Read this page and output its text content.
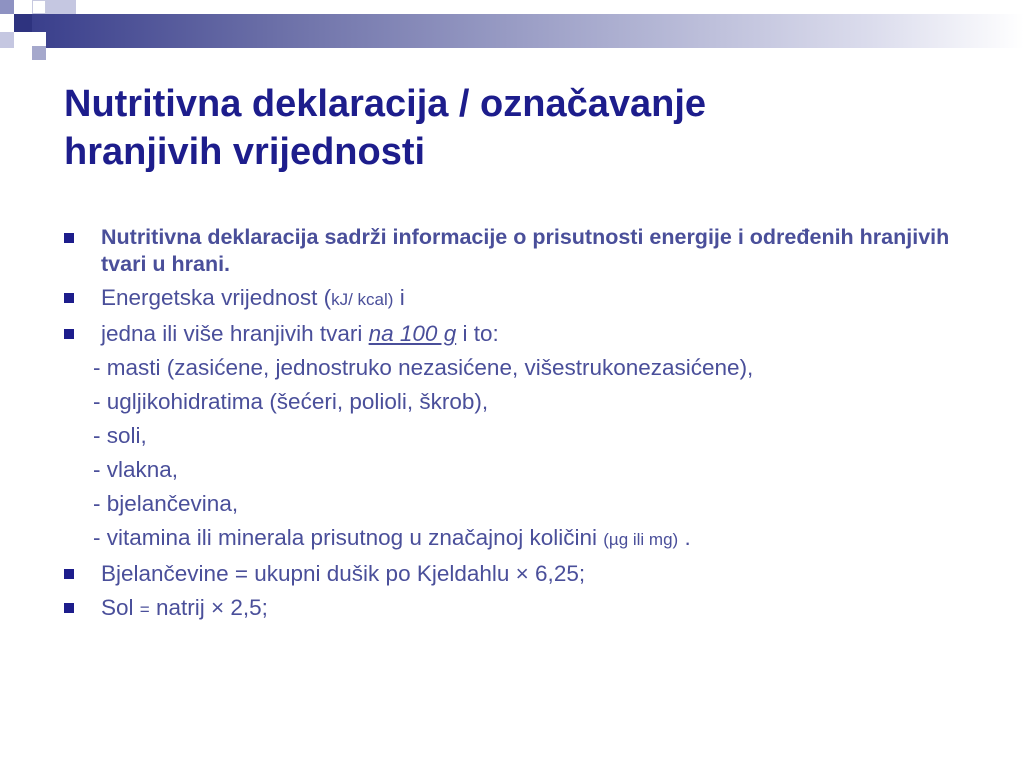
Nutritivna deklaracija / označavanje
hranjivih vrijednosti
Nutritivna deklaracija sadrži informacije o prisutnosti energije i određenih hranjivih tvari u hrani.
Energetska vrijednost (kJ/ kcal) i
jedna ili više hranjivih tvari na 100 g i to:
- masti (zasićene, jednostruko nezasićene, višestrukonezasićene),
- ugljikohidratima (šećeri, polioli, škrob),
- soli,
- vlakna,
- bjelančevina,
- vitamina ili minerala prisutnog u značajnoj količini (µg ili mg) .
Bjelančevine = ukupni dušik po Kjeldahlu × 6,25;
Sol = natrij × 2,5;
